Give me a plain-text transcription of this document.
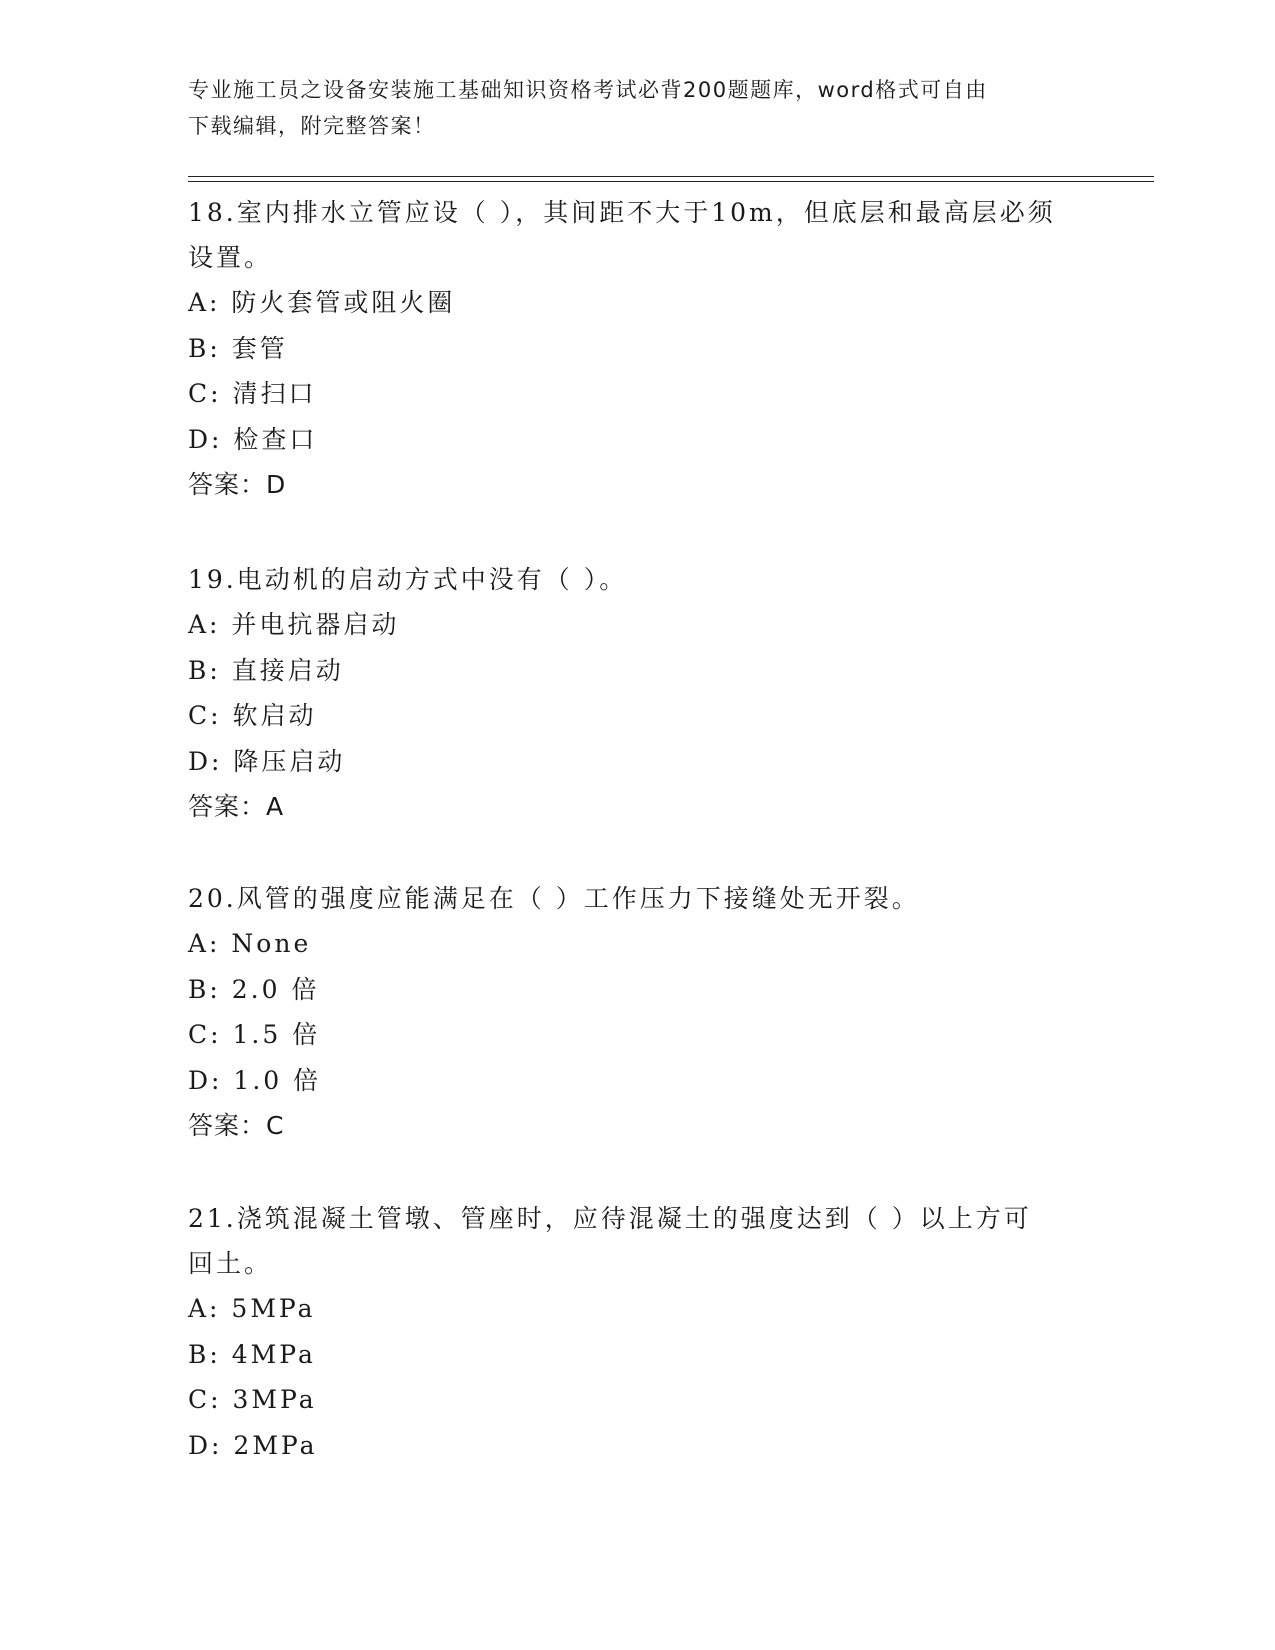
专业施工员之设备安装施工基础知识资格考试必背200题题库，word格式可自由
下载编辑，附完整答案！

18.室内排水立管应设（ ），其间距不大于10m，但底层和最高层必须

设置。

A: 防火套管或阻火圈

B: 套管

C: 清扫口

D: 检查口

答案：D

19.电动机的启动方式中没有（ ）。

A: 并电抗器启动

B: 直接启动

C: 软启动

D: 降压启动

答案：A

20.风管的强度应能满足在（ ）工作压力下接缝处无开裂。

A: None

B: 2.0 倍

C: 1.5 倍

D: 1.0 倍

答案：C

21.浇筑混凝土管墩、管座时，应待混凝土的强度达到（ ）以上方可

回土。

A: 5MPa

B: 4MPa

C: 3MPa

D: 2MPa
